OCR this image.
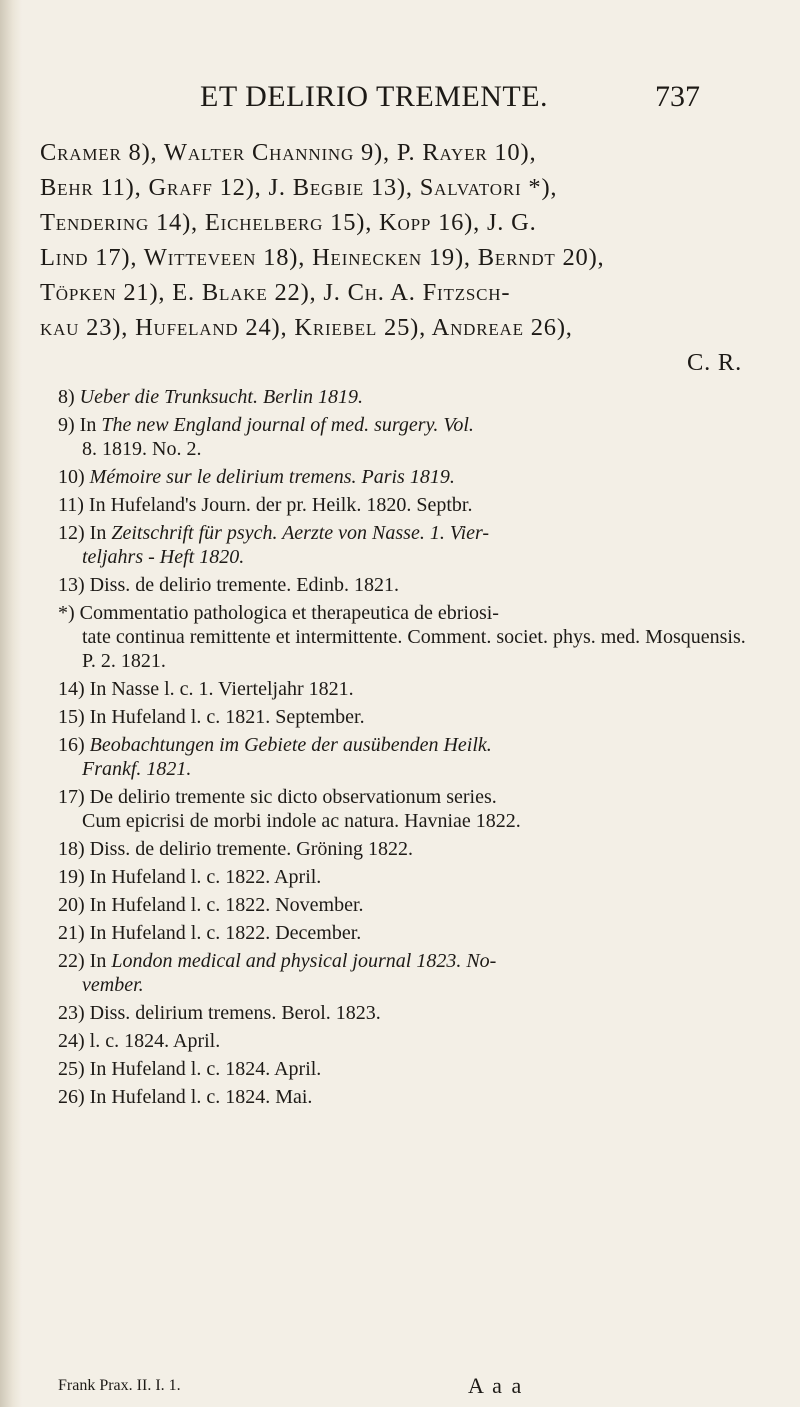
ET DELIRIO TREMENTE.	737
Cramer 8), Walter Channing 9), P. Rayer 10),
Behr 11), Graff 12), J. Begbie 13), Salvatori *),
Tendering 14), Eichelberg 15), Kopp 16), J. G.
Lind 17), Witteveen 18), Heinecken 19), Berndt 20),
Töpken 21), E. Blake 22), J. Ch. A. Fitzsch-
kau 23), Hufeland 24), Kriebel 25), Andreae 26),
C. R.

8) Ueber die Trunksucht. Berlin 1819.

9) In The new England journal of med. surgery. Vol.
8. 1819. No. 2.

10) Mémoire sur le delirium tremens. Paris 1819.

11) In Hufeland's Journ. der pr. Heilk. 1820. Septbr.

12) In Zeitschrift für psych. Aerzte von Nasse. 1. Vier-
teljahrs - Heft 1820.

13) Diss. de delirio tremente. Edinb. 1821.

*) Commentatio pathologica et therapeutica de ebriosi-
tate continua remittente et intermittente. Comment. societ. phys. med. Mosquensis. P. 2. 1821.

14) In Nasse l. c. 1. Vierteljahr 1821.

15) In Hufeland l. c. 1821. September.

16) Beobachtungen im Gebiete der ausübenden Heilk.
Frankf. 1821.

17) De delirio tremente sic dicto observationum series.
Cum epicrisi de morbi indole ac natura. Havniae 1822.

18) Diss. de delirio tremente. Gröning 1822.

19) In Hufeland l. c. 1822. April.

20) In Hufeland l. c. 1822. November.

21) In Hufeland l. c. 1822. December.

22) In London medical and physical journal 1823. No-
vember.

23) Diss. delirium tremens. Berol. 1823.

24) l. c. 1824. April.

25) In Hufeland l. c. 1824. April.

26) In Hufeland l. c. 1824. Mai.

Frank Prax. II. I. 1.	A a a
